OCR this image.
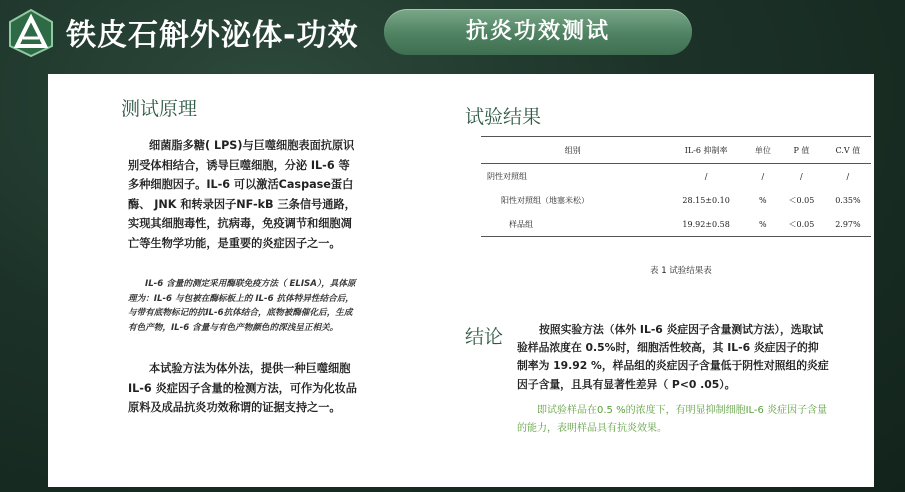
铁皮石斛外泌体-功效	抗炎功效测试
测试原理

细菌脂多糖( LPS)与巨噬细胞表面抗原识别受体相结合，诱导巨噬细胞，分泌 IL-6 等多种细胞因子。IL-6 可以激活Caspase蛋白酶、 JNK 和转录因子NF-kB 三条信号通路，实现其细胞毒性，抗病毒，免疫调节和细胞凋亡等生物学功能，是重要的炎症因子之一。

IL-6 含量的测定采用酶联免疫方法（ ELISA），具体原理为：IL-6 与包被在酶标板上的 IL-6 抗体特异性结合后，与带有底物标记的抗IL-6抗体结合，底物被酶催化后，生成有色产物，IL-6 含量与有色产物颜色的深浅呈正相关。

本试验方法为体外法，提供一种巨噬细胞 IL-6 炎症因子含量的检测方法，可作为化妆品原料及成品抗炎功效称谓的证据支持之一。

试验结果
组别	IL-6 抑制率	单位	P 值	C.V 值
阴性对照组	/	/	/	/
阳性对照组（地塞米松）	28.15±0.10	%	＜0.05	0.35%
样品组	19.92±0.58	%	＜0.05	2.97%
表 1 试验结果表
结论	按照实验方法（体外 IL-6 炎症因子含量测试方法），选取试验样品浓度在 0.5%时，细胞活性较高，其 IL-6 炎症因子的抑制率为 19.92 %，样品组的炎症因子含量低于阴性对照组的炎症因子含量，且具有显著性差异（ P<0 .05）。

即试验样品在0.5 %的浓度下，有明显抑制细胞IL-6 炎症因子含量的能力，表明样品具有抗炎效果。
